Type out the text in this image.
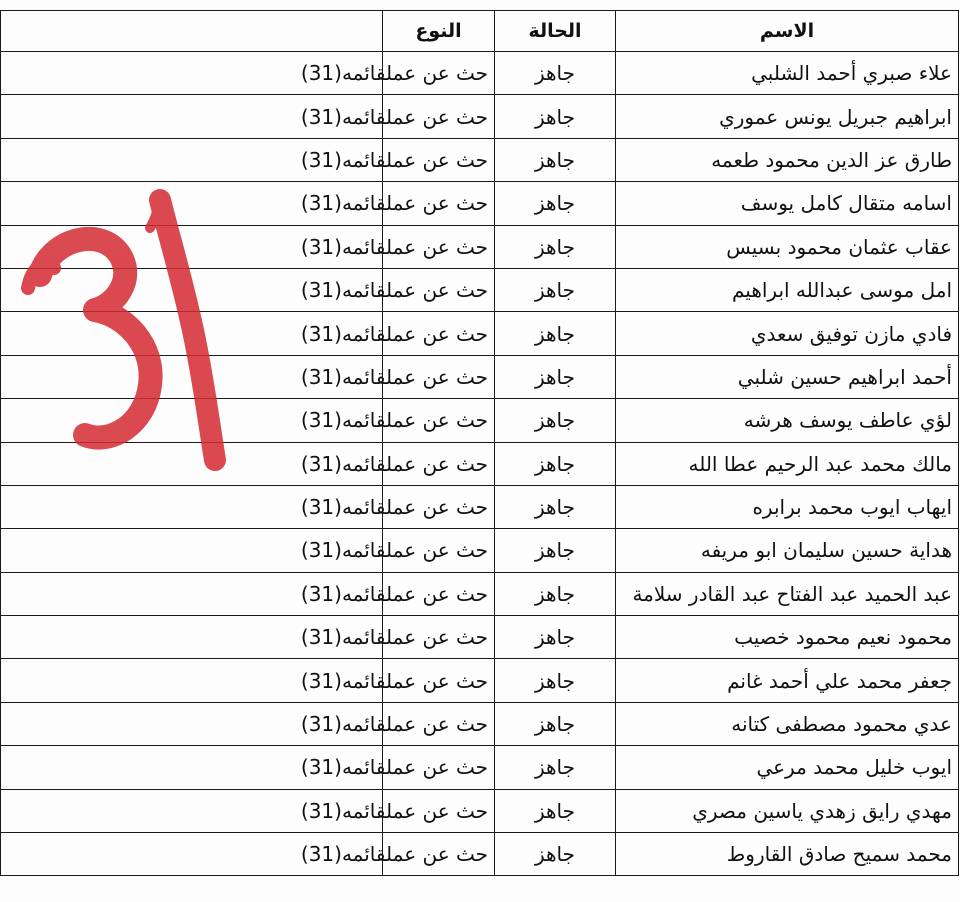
الاسم	الحالة	النوع	
علاء صبري أحمد الشلبي	جاهز	حث عن عملقائمه(31)	
ابراهيم جبريل يونس عموري	جاهز	حث عن عملقائمه(31)	
طارق عز الدين محمود طعمه	جاهز	حث عن عملقائمه(31)	
اسامه متقال كامل يوسف	جاهز	حث عن عملقائمه(31)	
عقاب عثمان محمود بسيس	جاهز	حث عن عملقائمه(31)	
امل موسى عبدالله ابراهيم	جاهز	حث عن عملقائمه(31)	
فادي مازن توفيق سعدي	جاهز	حث عن عملقائمه(31)	
أحمد ابراهيم حسين شلبي	جاهز	حث عن عملقائمه(31)	
لؤي عاطف يوسف هرشه	جاهز	حث عن عملقائمه(31)	
مالك محمد عبد الرحيم عطا الله	جاهز	حث عن عملقائمه(31)	
ايهاب ايوب محمد برابره	جاهز	حث عن عملقائمه(31)	
هداية حسين سليمان ابو مريفه	جاهز	حث عن عملقائمه(31)	
عبد الحميد عبد الفتاح عبد القادر سلامة	جاهز	حث عن عملقائمه(31)	
محمود نعيم محمود خصيب	جاهز	حث عن عملقائمه(31)	
جعفر محمد علي أحمد غانم	جاهز	حث عن عملقائمه(31)	
عدي محمود مصطفى كتانه	جاهز	حث عن عملقائمه(31)	
ايوب خليل محمد مرعي	جاهز	حث عن عملقائمه(31)	
مهدي رايق زهدي ياسين مصري	جاهز	حث عن عملقائمه(31)	
محمد سميح صادق القاروط	جاهز	حث عن عملقائمه(31)	
